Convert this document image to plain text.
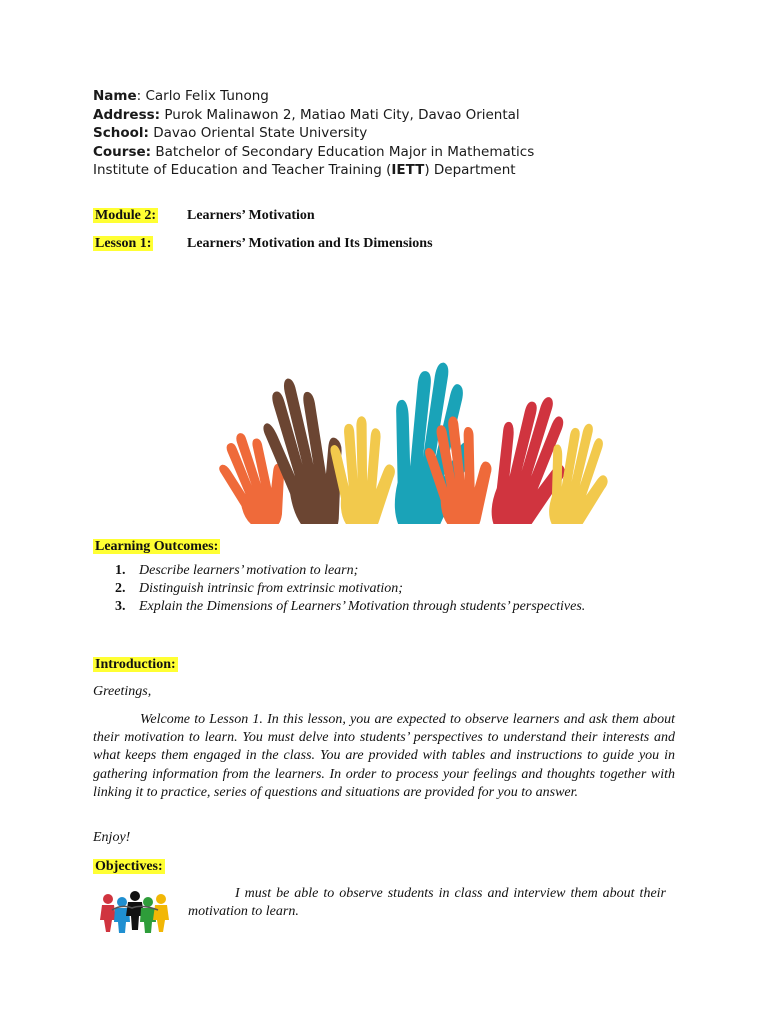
Name: Carlo Felix Tunong
Address: Purok Malinawon 2, Matiao Mati City, Davao Oriental
School: Davao Oriental State University
Course: Batchelor of Secondary Education Major in Mathematics
Institute of Education and Teacher Training (IETT) Department
Module 2: Learners’ Motivation
Lesson 1:	Learners’ Motivation and Its Dimensions
Learning Outcomes:
1. Describe learners’ motivation to learn;
2. Distinguish intrinsic from extrinsic motivation;
3. Explain the Dimensions of Learners’ Motivation through students’ perspectives.
Introduction:
Greetings,
Welcome to Lesson 1. In this lesson, you are expected to observe learners and ask them about their motivation to learn. You must delve into students’ perspectives to understand their interests and what keeps them engaged in the class. You are provided with tables and instructions to guide you in gathering information from the learners. In order to process your feelings and thoughts together with linking it to practice, series of questions and situations are provided for you to answer.
Enjoy!
Objectives:
I must be able to observe students in class and interview them about their motivation to learn.
